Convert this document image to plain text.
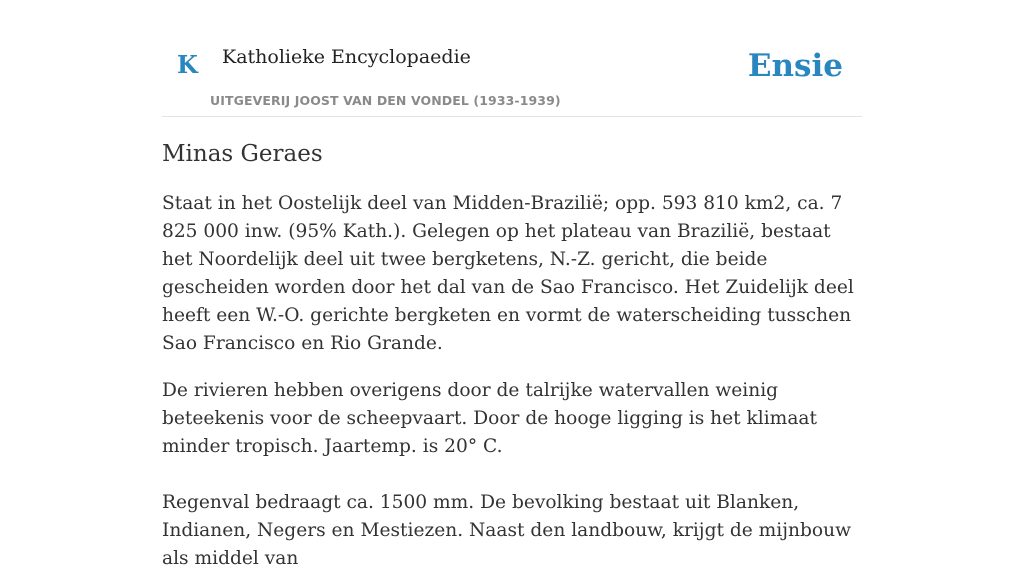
K Katholieke Encyclopaedie
UITGEVERIJ JOOST VAN DEN VONDEL (1933-1939)
Ensie
Minas Geraes

Staat in het Oostelijk deel van Midden-Brazilië; opp. 593 810 km2, ca. 7 825 000 inw. (95% Kath.). Gelegen op het plateau van Brazilië, bestaat het Noordelijk deel uit twee bergketens, N.-Z. gericht, die beide gescheiden worden door het dal van de Sao Francisco. Het Zuidelijk deel heeft een W.-O. gerichte bergketen en vormt de waterscheiding tusschen Sao Francisco en Rio Grande.

De rivieren hebben overigens door de talrijke watervallen weinig beteekenis voor de scheepvaart. Door de hooge ligging is het klimaat minder tropisch. Jaartemp. is 20° C.

Regenval bedraagt ca. 1500 mm. De bevolking bestaat uit Blanken, Indianen, Negers en Mestiezen. Naast den landbouw, krijgt de mijnbouw als middel van
